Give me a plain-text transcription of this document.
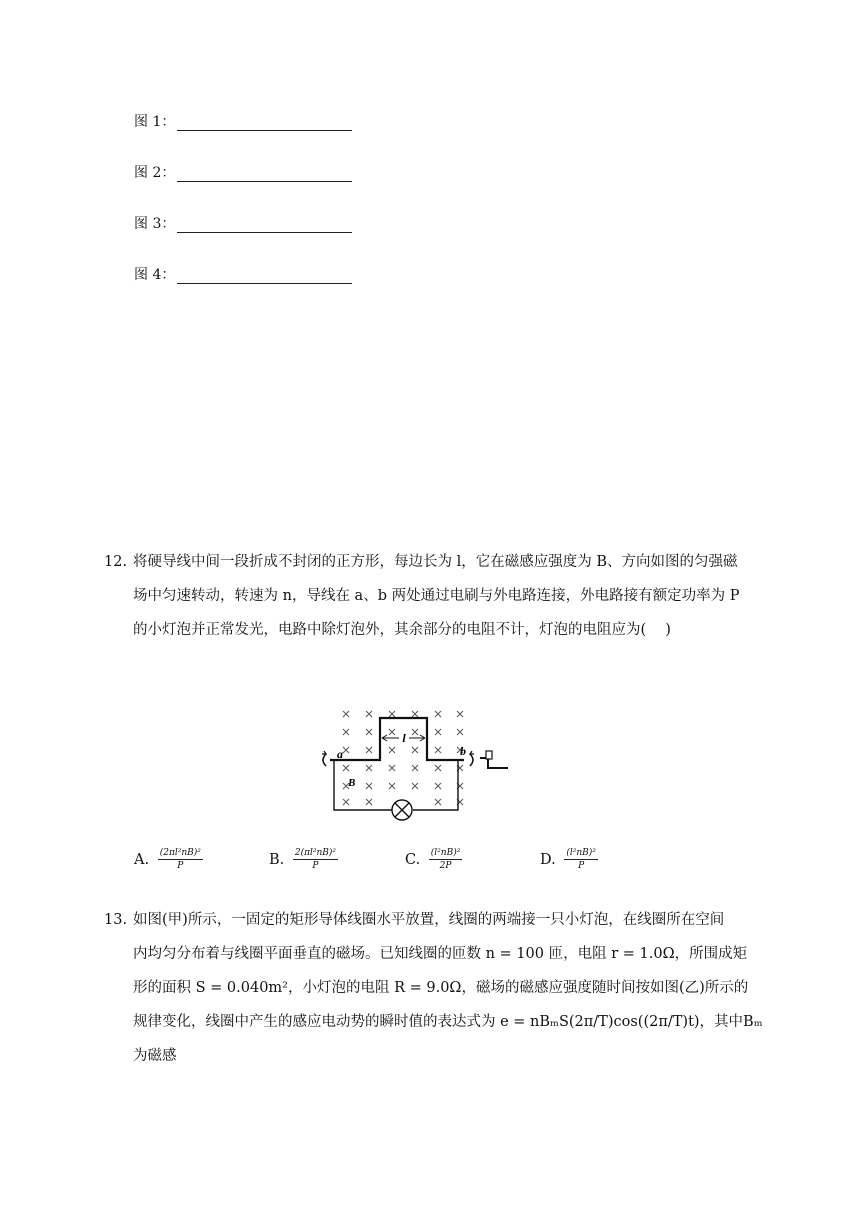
图 1：
图 2：
图 3：
图 4：
12. 将硬导线中间一段折成不封闭的正方形，每边长为 l，它在磁感应强度为 B、方向如图的匀强磁
场中匀速转动，转速为 n，导线在 a、b 两处通过电刷与外电路连接，外电路接有额定功率为 P
的小灯泡并正常发光，电路中除灯泡外，其余部分的电阻不计，灯泡的电阻应为(　 )
l
a	b
B
A. $\frac{\text{(2πl²nB)²}}{P}$	B. $\frac{\text{2(πl²nB)²}}{P}$	C. $\frac{\text{(l²nB)²}}{2P}$	D. $\frac{\text{(l²nB)²}}{P}$
13. 如图(甲)所示，一固定的矩形导体线圈水平放置，线圈的两端接一只小灯泡，在线圈所在空间
内均匀分布着与线圈平面垂直的磁场。已知线圈的匝数 n = 100 匝，电阻 r = 1.0Ω，所围成矩
形的面积 S = 0.040m²，小灯泡的电阻 R = 9.0Ω，磁场的磁感应强度随时间按如图(乙)所示的
规律变化，线圈中产生的感应电动势的瞬时值的表达式为 e = nBₘS(2π/T)cos((2π/T)t)，其中Bₘ为磁感
